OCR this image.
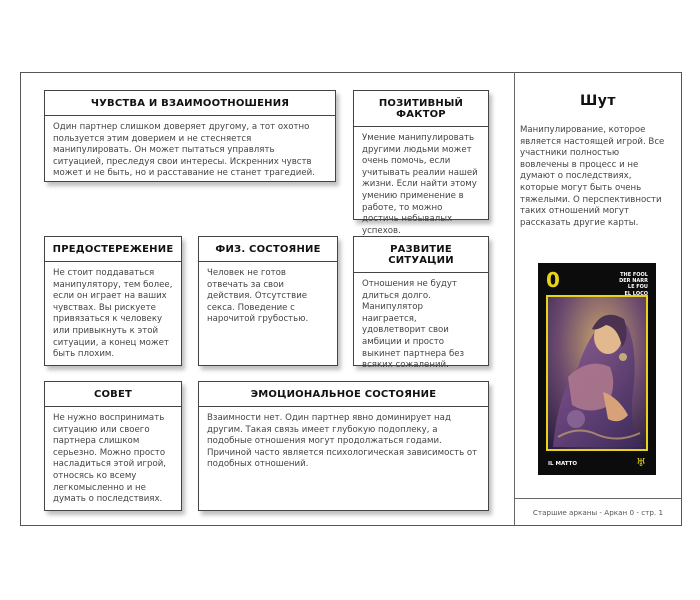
ЧУВСТВА И ВЗАИМООТНОШЕНИЯ
Один партнер слишком доверяет другому, а тот охотно пользуется этим доверием и не стесняется манипулировать. Он может пытаться управлять ситуацией, преследуя свои интересы. Искренних чувств может и не быть, но и расставание не станет трагедией.
ПОЗИТИВНЫЙ ФАКТОР
Умение манипулировать другими людьми может очень помочь, если учитывать реалии нашей жизни. Если найти этому умению применение в работе, то можно достичь небывалых успехов.
ПРЕДОСТЕРЕЖЕНИЕ
Не стоит поддаваться манипулятору, тем более, если он играет на ваших чувствах. Вы рискуете привязаться к человеку или привыкнуть к этой ситуации, а конец может быть плохим.
ФИЗ. СОСТОЯНИЕ
Человек не готов отвечать за свои действия. Отсутствие секса. Поведение с нарочитой грубостью.
РАЗВИТИЕ СИТУАЦИИ
Отношения не будут длиться долго. Манипулятор наиграется, удовлетворит свои амбиции и просто выкинет партнера без всяких сожалений.
СОВЕТ
Не нужно воспринимать ситуацию или своего партнера слишком серьезно. Можно просто насладиться этой игрой, относясь ко всему легкомысленно и не думать о последствиях.
ЭМОЦИОНАЛЬНОЕ СОСТОЯНИЕ
Взаимности нет. Один партнер явно доминирует над другим. Такая связь имеет глубокую подоплеку, а подобные отношения могут продолжаться годами. Причиной часто является психологическая зависимость от подобных отношений.
Шут
Манипулирование, которое является настоящей игрой. Все участники полностью вовлечены в процесс и не думают о последствиях, которые могут быть очень тяжелыми. О перспективности таких отношений могут рассказать другие карты.
0	THE FOOL
DER NARR
LE FOU
EL LOCO
IL MATTO	♅
Старшие арканы - Аркан 0 - стр. 1
